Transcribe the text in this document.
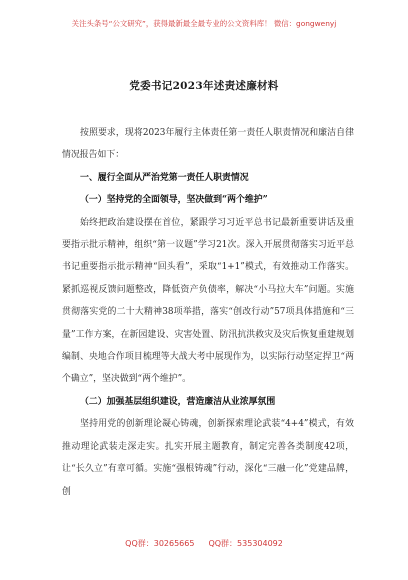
关注头条号“公文研究”，获得最新最全最专业的公文资料库！ 微信：gongwenyj
党委书记2023年述责述廉材料

按照要求，现将2023年履行主体责任第一责任人职责情况和廉洁自律情况报告如下：

一、履行全面从严治党第一责任人职责情况

（一）坚持党的全面领导，坚决做到“两个维护”

始终把政治建设摆在首位，紧跟学习习近平总书记最新重要讲话及重要指示批示精神，组织“第一议题”学习21次。深入开展贯彻落实习近平总书记重要指示批示精神“回头看”，采取“1+1”模式，有效推动工作落实。紧抓巡视反馈问题整改，降低资产负债率，解决“小马拉大车”问题。实施贯彻落实党的二十大精神38项举措，落实“创改行动”57项具体措施和“三量”工作方案，在新园建设、灾害处置、防汛抗洪救灾及灾后恢复重建规划编制、央地合作项目梳理等大战大考中展现作为，以实际行动坚定捍卫“两个确立”，坚决做到“两个维护”。

（二）加强基层组织建设，营造廉洁从业浓厚氛围

坚持用党的创新理论凝心铸魂，创新探索理论武装“4+4”模式，有效推动理论武装走深走实。扎实开展主题教育，制定完善各类制度42项，让“长久立”有章可循。实施“强根铸魂”行动，深化“三融一化”党建品牌，创

QQ群：30265665 QQ群：535304092
